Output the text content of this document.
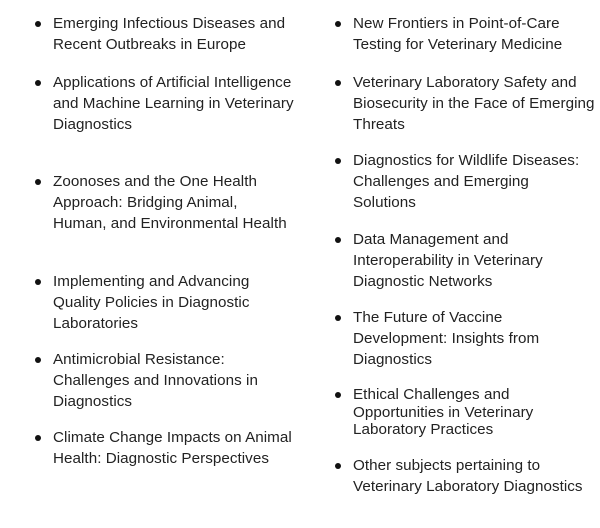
Emerging Infectious Diseases and Recent Outbreaks in Europe
Applications of Artificial Intelligence and Machine Learning in Veterinary Diagnostics
Zoonoses and the One Health Approach: Bridging Animal, Human, and Environmental Health
Implementing and Advancing Quality Policies in Diagnostic Laboratories
Antimicrobial Resistance: Challenges and Innovations in Diagnostics
Climate Change Impacts on Animal Health: Diagnostic Perspectives
New Frontiers in Point-of-Care Testing for Veterinary Medicine
Veterinary Laboratory Safety and Biosecurity in the Face of Emerging Threats
Diagnostics for Wildlife Diseases: Challenges and Emerging Solutions
Data Management and Interoperability in Veterinary Diagnostic Networks
The Future of Vaccine Development: Insights from Diagnostics
Ethical Challenges and Opportunities in Veterinary Laboratory Practices
Other subjects pertaining to Veterinary Laboratory Diagnostics
